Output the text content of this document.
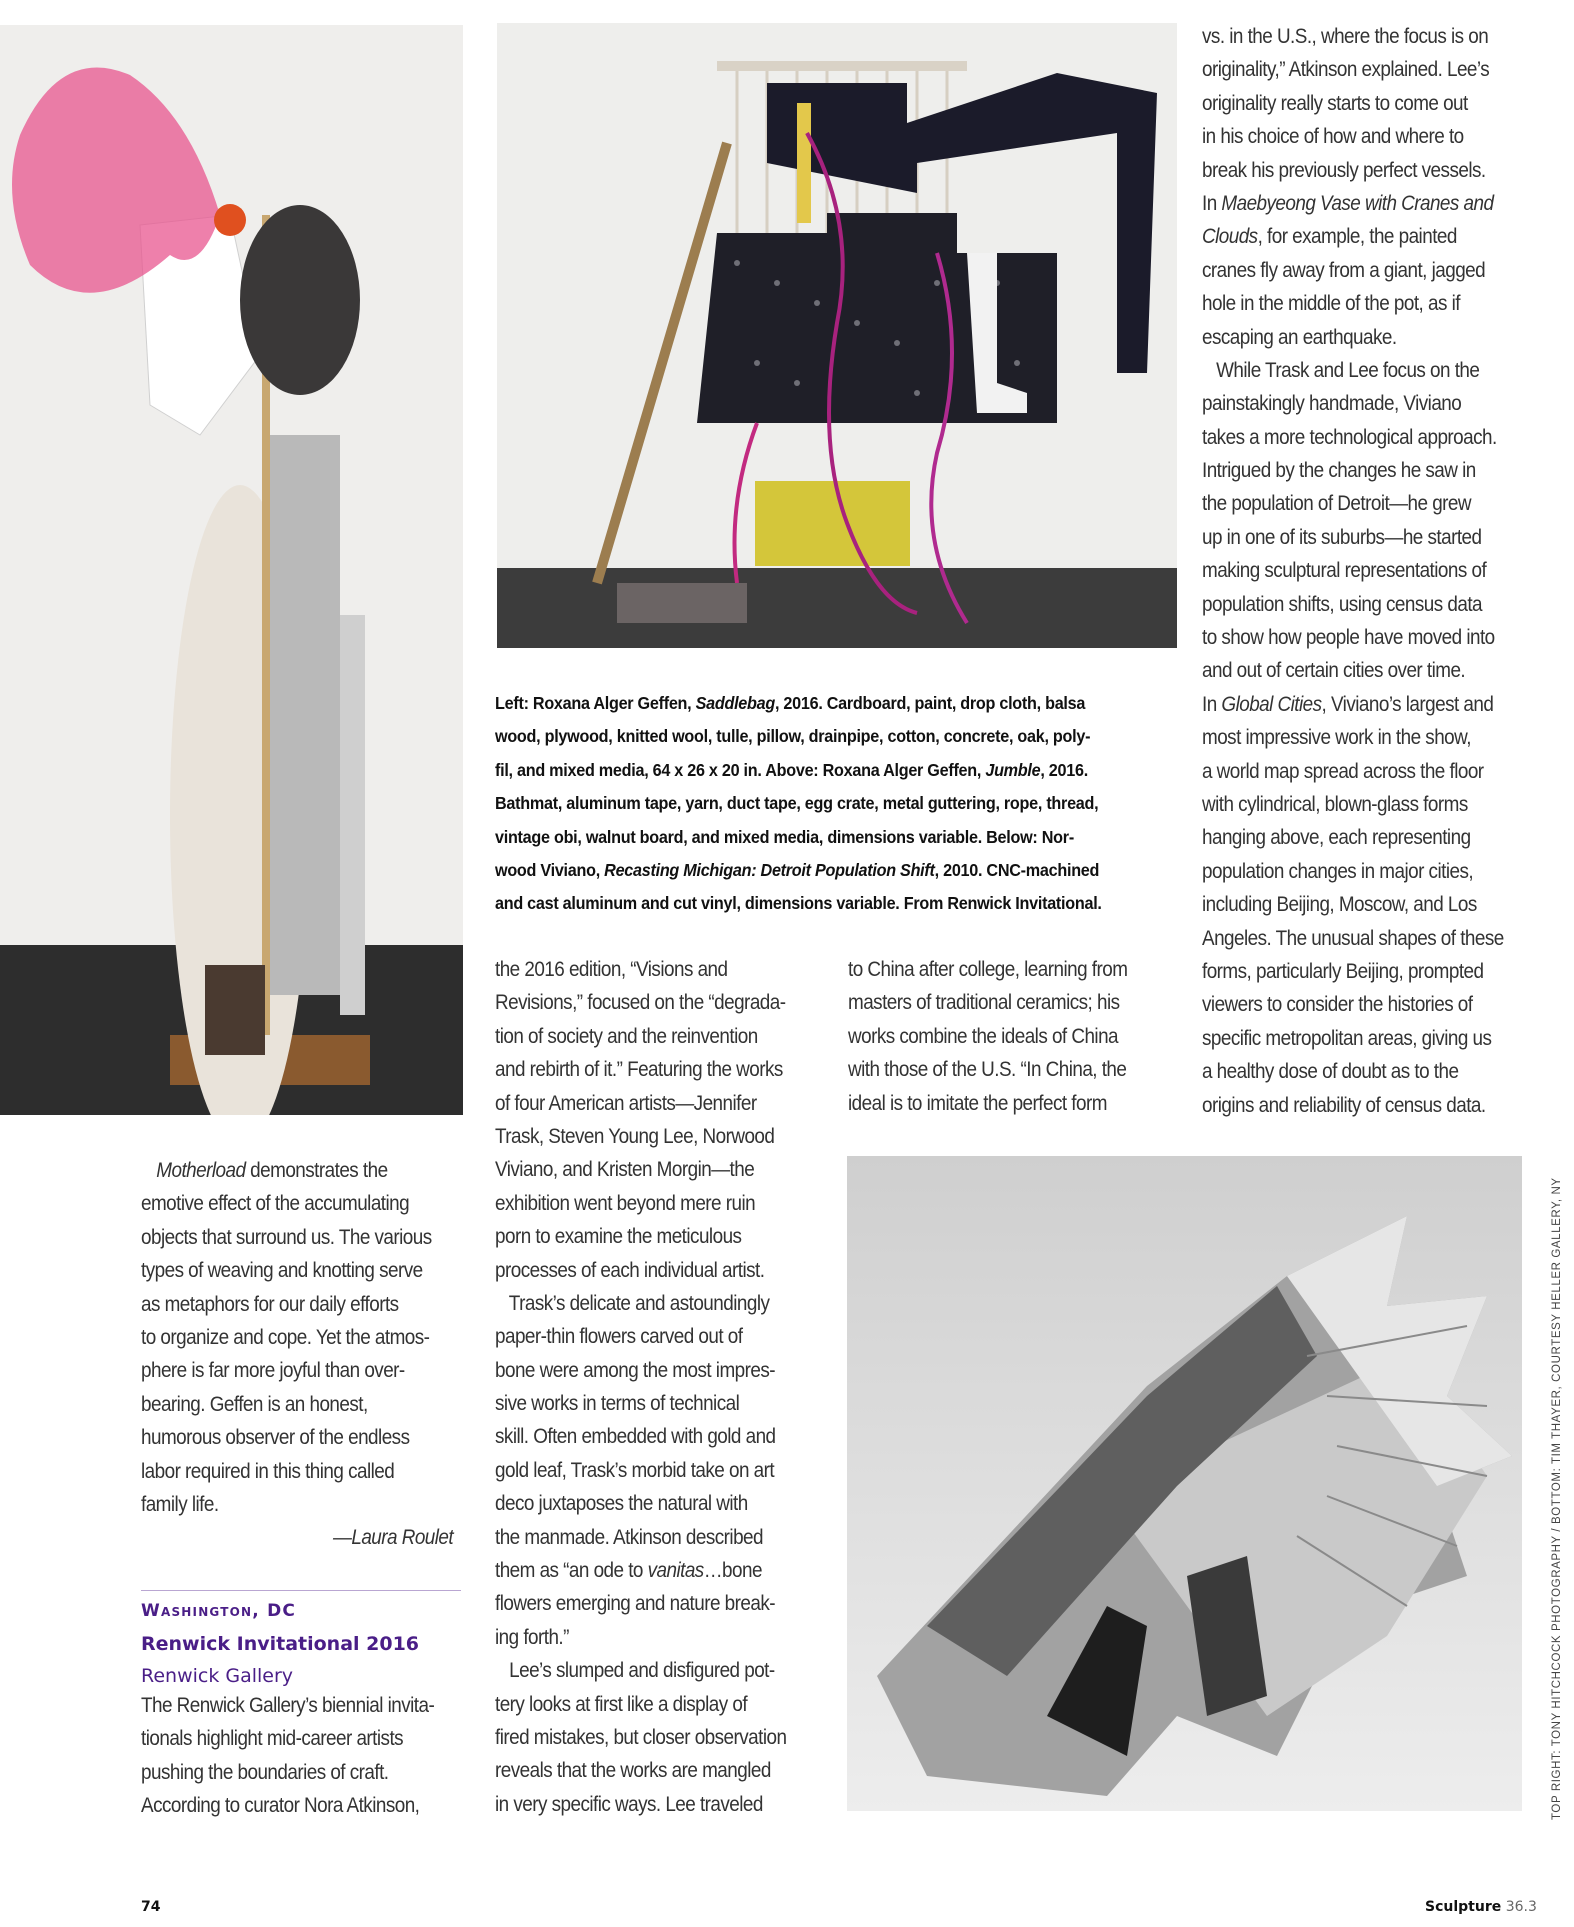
Left: Roxana Alger Geffen, Saddlebag, 2016. Cardboard, paint, drop cloth, balsa
wood, plywood, knitted wool, tulle, pillow, drainpipe, cotton, concrete, oak, poly-
fil, and mixed media, 64 x 26 x 20 in. Above: Roxana Alger Geffen, Jumble, 2016.
Bathmat, aluminum tape, yarn, duct tape, egg crate, metal guttering, rope, thread,
vintage obi, walnut board, and mixed media, dimensions variable. Below: Nor-
wood Viviano, Recasting Michigan: Detroit Population Shift, 2010. CNC-machined
and cast aluminum and cut vinyl, dimensions variable. From Renwick Invitational.
Motherload demonstrates the
emotive effect of the accumulating
objects that surround us. The various
types of weaving and knotting serve
as metaphors for our daily efforts
to organize and cope. Yet the atmos-
phere is far more joyful than over-
bearing. Geffen is an honest,
humorous observer of the endless
labor required in this thing called
family life.
—Laura Roulet
Washington, DC
Renwick Invitational 2016
Renwick Gallery
The Renwick Gallery’s biennial invita-
tionals highlight mid-career artists
pushing the boundaries of craft.
According to curator Nora Atkinson,
the 2016 edition, “Visions and
Revisions,” focused on the “degrada-
tion of society and the reinvention
and rebirth of it.” Featuring the works
of four American artists—Jennifer
Trask, Steven Young Lee, Norwood
Viviano, and Kristen Morgin—the
exhibition went beyond mere ruin
porn to examine the meticulous
processes of each individual artist.
Trask’s delicate and astoundingly
paper-thin flowers carved out of
bone were among the most impres-
sive works in terms of technical
skill. Often embedded with gold and
gold leaf, Trask’s morbid take on art
deco juxtaposes the natural with
the manmade. Atkinson described
them as “an ode to vanitas…bone
flowers emerging and nature break-
ing forth.”
Lee’s slumped and disfigured pot-
tery looks at first like a display of
fired mistakes, but closer observation
reveals that the works are mangled
in very specific ways. Lee traveled
to China after college, learning from
masters of traditional ceramics; his
works combine the ideals of China
with those of the U.S. “In China, the
ideal is to imitate the perfect form
vs. in the U.S., where the focus is on
originality,” Atkinson explained. Lee’s
originality really starts to come out
in his choice of how and where to
break his previously perfect vessels.
In Maebyeong Vase with Cranes and
Clouds, for example, the painted
cranes fly away from a giant, jagged
hole in the middle of the pot, as if
escaping an earthquake.
While Trask and Lee focus on the
painstakingly handmade, Viviano
takes a more technological approach.
Intrigued by the changes he saw in
the population of Detroit—he grew
up in one of its suburbs—he started
making sculptural representations of
population shifts, using census data
to show how people have moved into
and out of certain cities over time.
In Global Cities, Viviano’s largest and
most impressive work in the show,
a world map spread across the floor
with cylindrical, blown-glass forms
hanging above, each representing
population changes in major cities,
including Beijing, Moscow, and Los
Angeles. The unusual shapes of these
forms, particularly Beijing, prompted
viewers to consider the histories of
specific metropolitan areas, giving us
a healthy dose of doubt as to the
origins and reliability of census data.
TOP RIGHT: TONY HITCHCOCK PHOTOGRAPHY / BOTTOM: TIM THAYER, COURTESY HELLER GALLERY, NY
74	Sculpture 36.3
